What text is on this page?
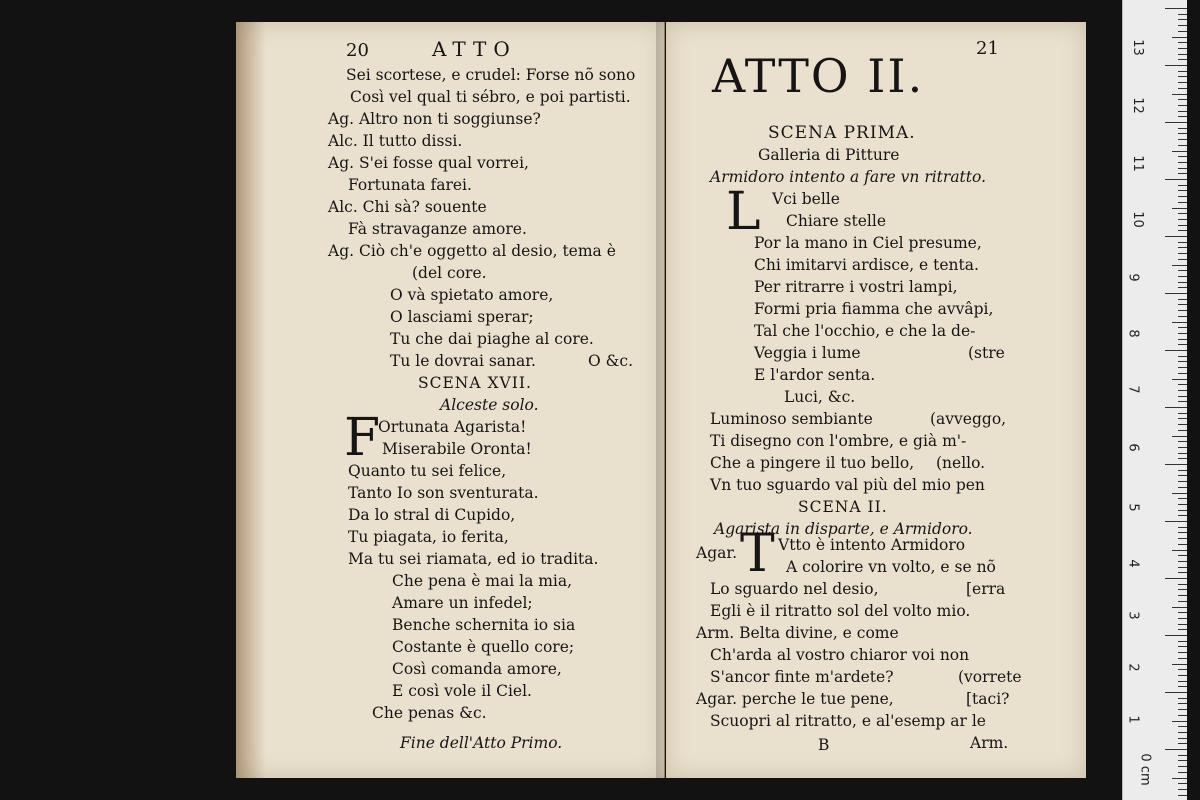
20	ATTO
Sei scortese, e crudel: Forse nõ sono
Così vel qual ti sébro, e poi partisti.
Ag. Altro non ti soggiunse?
Alc. Il tutto dissi.
Ag. S'ei fosse qual vorrei,
Fortunata farei.
Alc. Chi sà? souente
Fà stravaganze amore.
Ag. Ciò ch'e oggetto al desio, tema è
(del core.
O và spietato amore,
O lasciami sperar;
Tu che dai piaghe al core.
Tu le dovrai sanar.	O &c.
SCENA XVII.
Alceste solo.
F
Ortunata Agarista!
Miserabile Oronta!
Quanto tu sei felice,
Tanto Io son sventurata.
Da lo stral di Cupido,
Tu piagata, io ferita,
Ma tu sei riamata, ed io tradita.
Che pena è mai la mia,
Amare un infedel;
Benche schernita io sia
Costante è quello core;
Così comanda amore,
E così vole il Ciel.
Che penas &c.
Fine dell'Atto Primo.
ATTO II.
21
SCENA PRIMA.
Galleria di Pitture
Armidoro intento a fare vn ritratto.
L Vci belle
Chiare stelle
Por la mano in Ciel presume,
Chi imitarvi ardisce, e tenta.
Per ritrarre i vostri lampi,
Formi pria fiamma che avvâpi,
Tal che l'occhio, e che la de-
Veggia i lume	(stre
E l'ardor senta.
Luci, &c.
Luminoso sembiante	(avveggo,
Ti disegno con l'ombre, e già m'-
Che a pingere il tuo bello, (nello.
Vn tuo sguardo val più del mio pen
SCENA II.
Agarista in disparte, e Armidoro.
Agar. T Vtto è intento Armidoro
A colorire vn volto, e se nõ
Lo sguardo nel desio,	[erra
Egli è il ritratto sol del volto mio.
Arm. Belta divine, e come
Ch'arda al vostro chiaror voi non
S'ancor finte m'ardete?	(vorrete
Agar. perche le tue pene,	[taci?
Scuopri al ritratto, e al'esemp ar le
B	Arm.
0 cm
1
2
3
4
5
6
7
8
9
10
11
12
13
